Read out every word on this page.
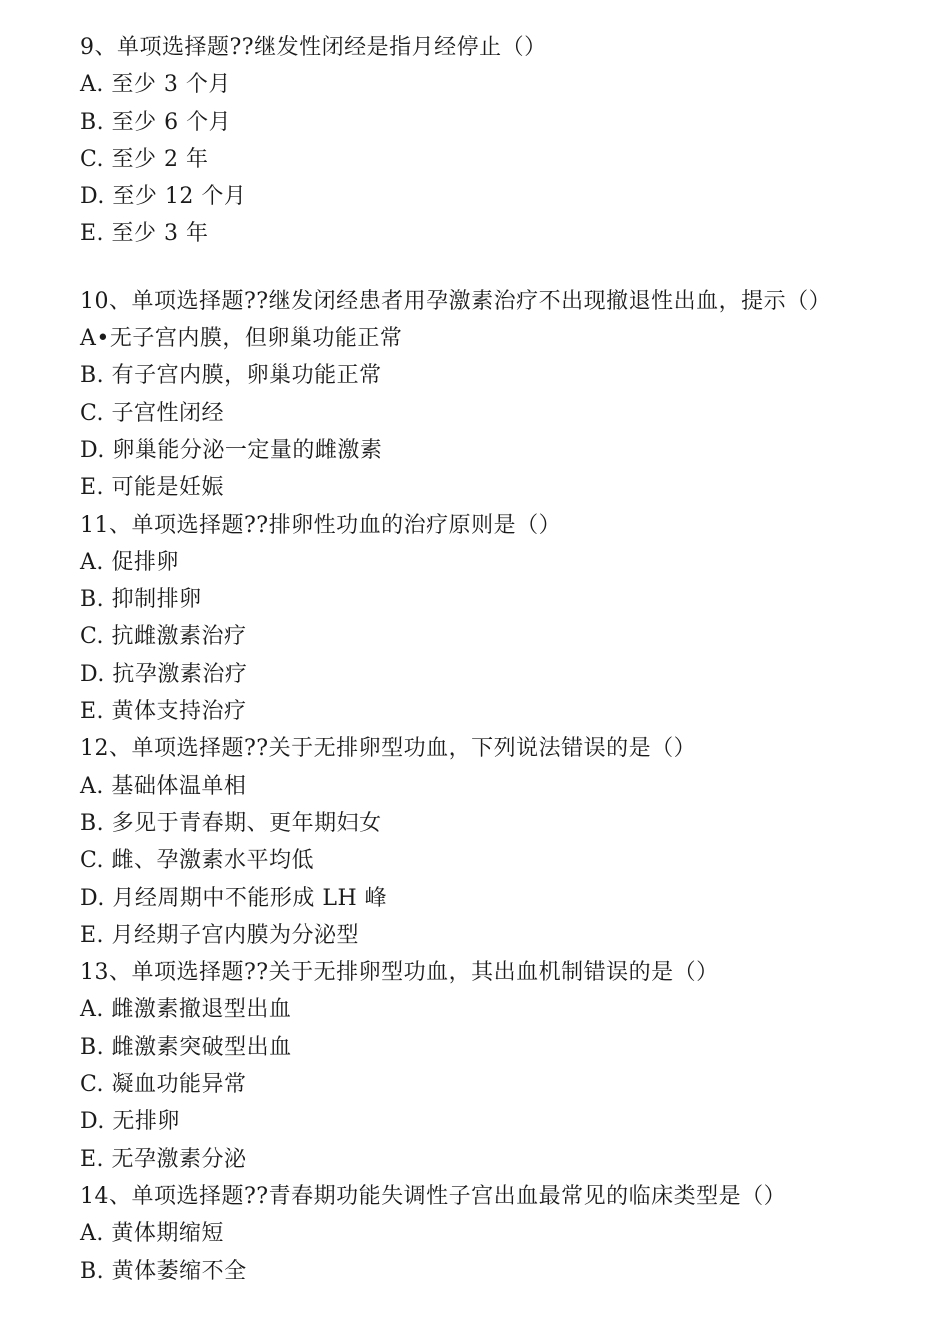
9、单项选择题??继发性闭经是指月经停止（）
A. 至少 3 个月
B. 至少 6 个月
C. 至少 2 年
D. 至少 12 个月
E. 至少 3 年
10、单项选择题??继发闭经患者用孕激素治疗不出现撤退性出血，提示（）
A•无子宫内膜，但卵巢功能正常
B. 有子宫内膜，卵巢功能正常
C. 子宫性闭经
D. 卵巢能分泌一定量的雌激素
E. 可能是妊娠
11、单项选择题??排卵性功血的治疗原则是（）
A. 促排卵
B. 抑制排卵
C. 抗雌激素治疗
D. 抗孕激素治疗
E. 黄体支持治疗
12、单项选择题??关于无排卵型功血，下列说法错误的是（）
A. 基础体温单相
B. 多见于青春期、更年期妇女
C. 雌、孕激素水平均低
D. 月经周期中不能形成 LH 峰
E. 月经期子宫内膜为分泌型
13、单项选择题??关于无排卵型功血，其出血机制错误的是（）
A. 雌激素撤退型出血
B. 雌激素突破型出血
C. 凝血功能异常
D. 无排卵
E. 无孕激素分泌
14、单项选择题??青春期功能失调性子宫出血最常见的临床类型是（）
A. 黄体期缩短
B. 黄体萎缩不全
